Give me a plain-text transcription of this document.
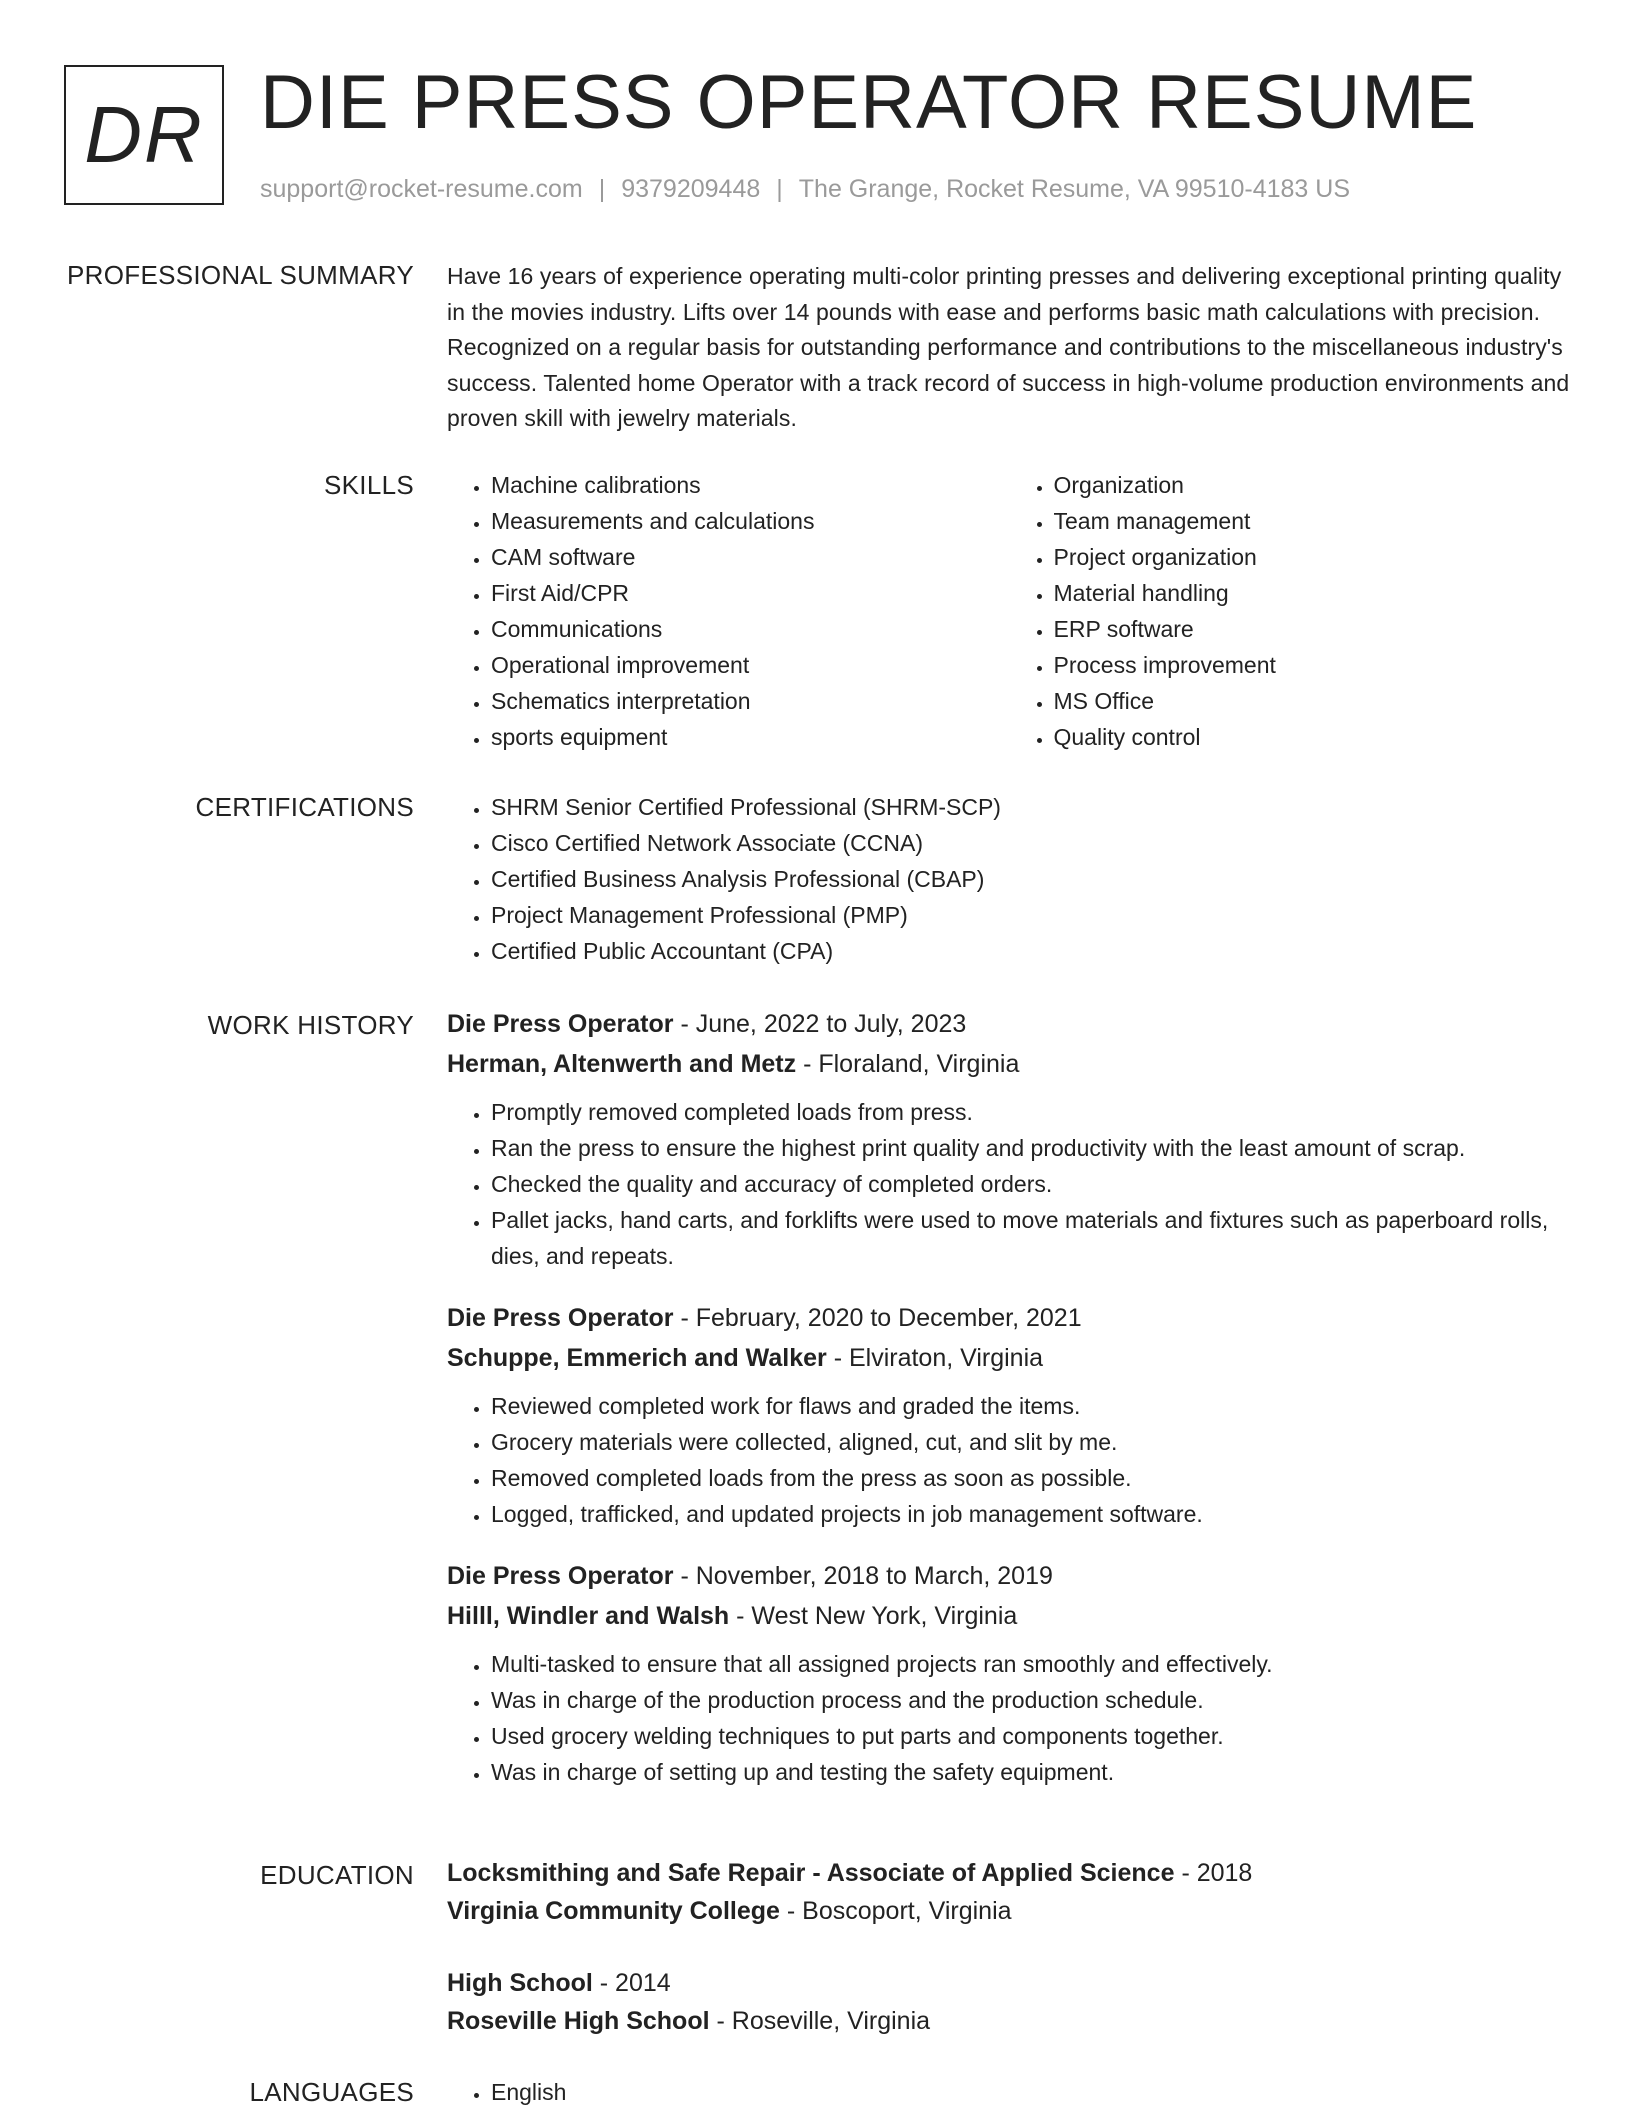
DR DIE PRESS OPERATOR RESUME
support@rocket-resume.com | 9379209448 | The Grange, Rocket Resume, VA 99510-4183 US
PROFESSIONAL SUMMARY Have 16 years of experience operating multi-color printing presses and delivering exceptional printing quality in the movies industry. Lifts over 14 pounds with ease and performs basic math calculations with precision. Recognized on a regular basis for outstanding performance and contributions to the miscellaneous industry's success. Talented home Operator with a track record of success in high-volume production environments and proven skill with jewelry materials.
SKILLS	• Machine calibrations
• Measurements and calculations
• CAM software
• First Aid/CPR
• Communications
• Operational improvement
• Schematics interpretation
• sports equipment
• Organization
• Team management
• Project organization
• Material handling
• ERP software
• Process improvement
• MS Office
• Quality control
CERTIFICATIONS	• SHRM Senior Certified Professional (SHRM-SCP)
• Cisco Certified Network Associate (CCNA)
• Certified Business Analysis Professional (CBAP)
• Project Management Professional (PMP)
• Certified Public Accountant (CPA)
WORK HISTORY Die Press Operator - June, 2022 to July, 2023
Herman, Altenwerth and Metz - Floraland, Virginia
• Promptly removed completed loads from press.
• Ran the press to ensure the highest print quality and productivity with the least amount of scrap.
• Checked the quality and accuracy of completed orders.
• Pallet jacks, hand carts, and forklifts were used to move materials and fixtures such as paperboard rolls, dies, and repeats.
Die Press Operator - February, 2020 to December, 2021
Schuppe, Emmerich and Walker - Elviraton, Virginia
• Reviewed completed work for flaws and graded the items.
• Grocery materials were collected, aligned, cut, and slit by me.
• Removed completed loads from the press as soon as possible.
• Logged, trafficked, and updated projects in job management software.
Die Press Operator - November, 2018 to March, 2019
Hilll, Windler and Walsh - West New York, Virginia
• Multi-tasked to ensure that all assigned projects ran smoothly and effectively.
• Was in charge of the production process and the production schedule.
• Used grocery welding techniques to put parts and components together.
• Was in charge of setting up and testing the safety equipment.
EDUCATION Locksmithing and Safe Repair - Associate of Applied Science - 2018
Virginia Community College - Boscoport, Virginia
High School - 2014
Roseville High School - Roseville, Virginia
LANGUAGES	• English
